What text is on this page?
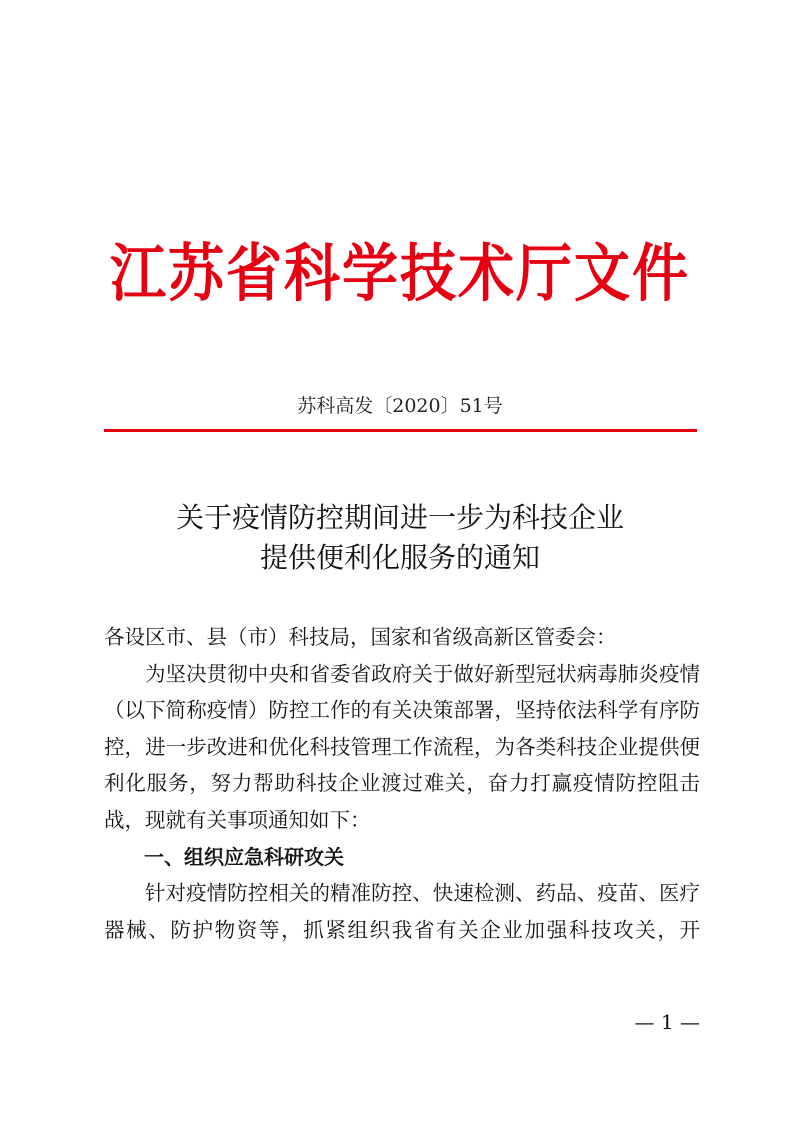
江苏省科学技术厅文件
苏科高发〔2020〕51号
关于疫情防控期间进一步为科技企业
提供便利化服务的通知

各设区市、县（市）科技局，国家和省级高新区管委会：

为坚决贯彻中央和省委省政府关于做好新型冠状病毒肺炎疫情（以下简称疫情）防控工作的有关决策部署，坚持依法科学有序防控，进一步改进和优化科技管理工作流程，为各类科技企业提供便利化服务，努力帮助科技企业渡过难关，奋力打赢疫情防控阻击战，现就有关事项通知如下：

一、组织应急科研攻关

针对疫情防控相关的精准防控、快速检测、药品、疫苗、医疗器械、防护物资等，抓紧组织我省有关企业加强科技攻关，开

— 1 —
